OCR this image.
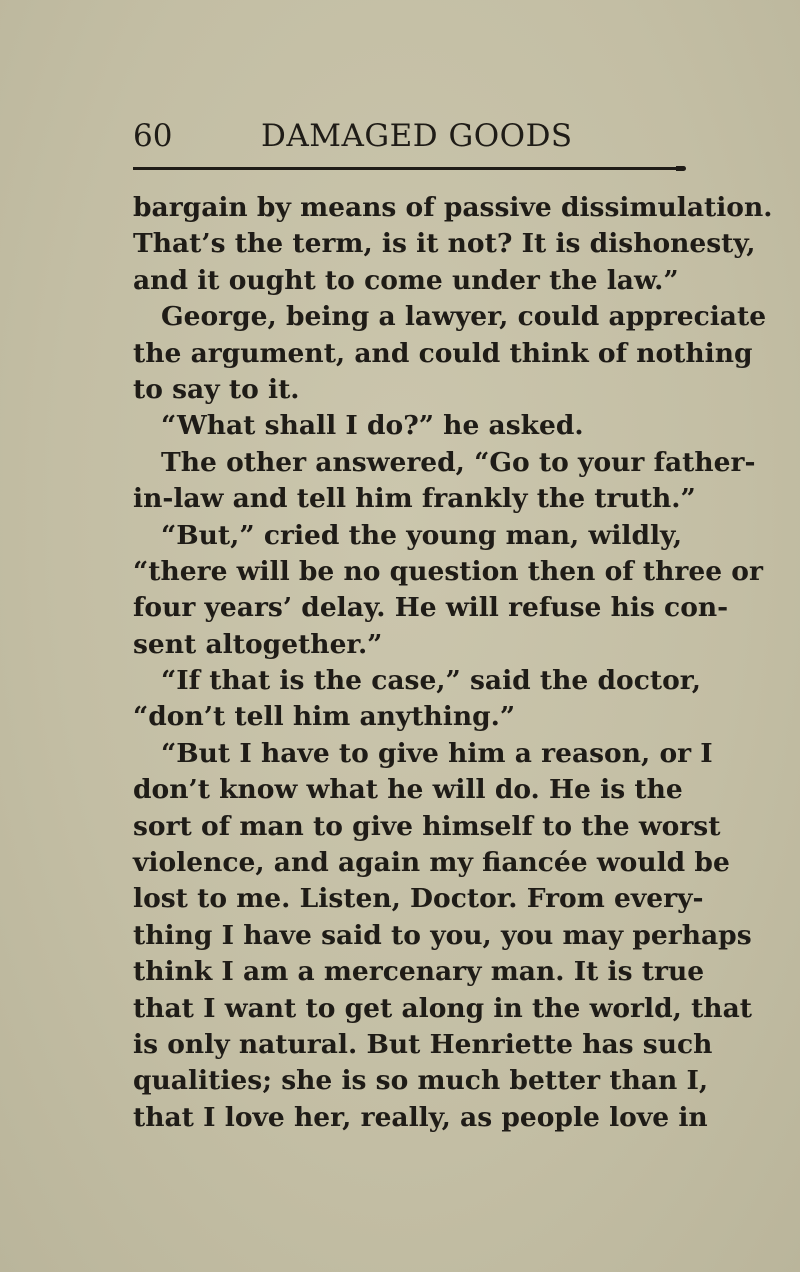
60	DAMAGED GOODS
bargain by means of passive dissimulation.
That’s the term, is it not? It is dishonesty,
and it ought to come under the law.”
George, being a lawyer, could appreciate
the argument, and could think of nothing
to say to it.
“What shall I do?” he asked.
The other answered, “Go to your father-
in-law and tell him frankly the truth.”
“But,” cried the young man, wildly,
“there will be no question then of three or
four years’ delay. He will refuse his con-
sent altogether.”
“If that is the case,” said the doctor,
“don’t tell him anything.”
“But I have to give him a reason, or I
don’t know what he will do. He is the
sort of man to give himself to the worst
violence, and again my fiancée would be
lost to me. Listen, Doctor. From every-
thing I have said to you, you may perhaps
think I am a mercenary man. It is true
that I want to get along in the world, that
is only natural. But Henriette has such
qualities; she is so much better than I,
that I love her, really, as people love in
